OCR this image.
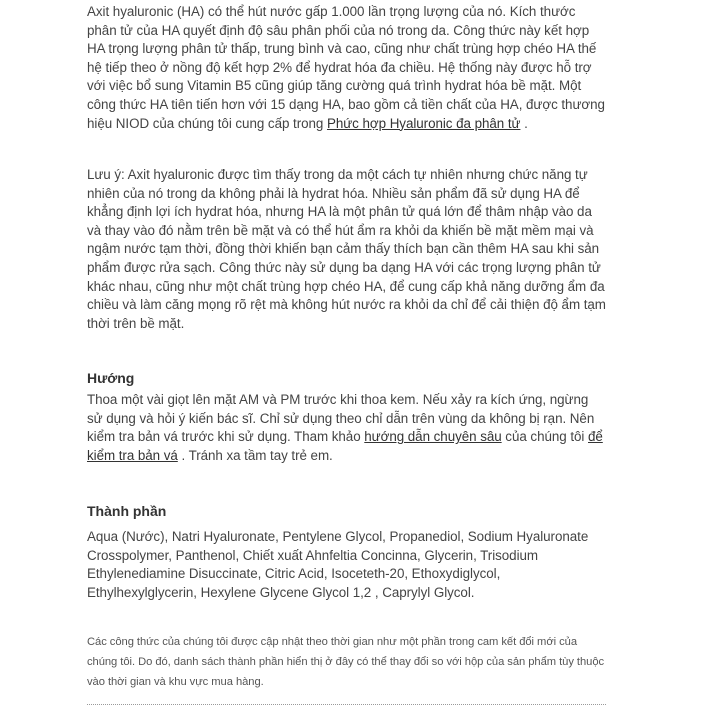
Axit hyaluronic (HA) có thể hút nước gấp 1.000 lần trọng lượng của nó. Kích thước phân tử của HA quyết định độ sâu phân phối của nó trong da. Công thức này kết hợp HA trọng lượng phân tử thấp, trung bình và cao, cũng như chất trùng hợp chéo HA thế hệ tiếp theo ở nồng độ kết hợp 2% để hydrat hóa đa chiều. Hệ thống này được hỗ trợ với việc bổ sung Vitamin B5 cũng giúp tăng cường quá trình hydrat hóa bề mặt. Một công thức HA tiên tiến hơn với 15 dạng HA, bao gồm cả tiền chất của HA, được thương hiệu NIOD của chúng tôi cung cấp trong Phức hợp Hyaluronic đa phân tử .

Lưu ý: Axit hyaluronic được tìm thấy trong da một cách tự nhiên nhưng chức năng tự nhiên của nó trong da không phải là hydrat hóa. Nhiều sản phẩm đã sử dụng HA để khẳng định lợi ích hydrat hóa, nhưng HA là một phân tử quá lớn để thâm nhập vào da và thay vào đó nằm trên bề mặt và có thể hút ẩm ra khỏi da khiến bề mặt mềm mại và ngậm nước tạm thời, đồng thời khiến bạn cảm thấy thích bạn cần thêm HA sau khi sản phẩm được rửa sạch. Công thức này sử dụng ba dạng HA với các trọng lượng phân tử khác nhau, cũng như một chất trùng hợp chéo HA, để cung cấp khả năng dưỡng ẩm đa chiều và làm căng mọng rõ rệt mà không hút nước ra khỏi da chỉ để cải thiện độ ẩm tạm thời trên bề mặt.

Hướng

Thoa một vài giọt lên mặt AM và PM trước khi thoa kem. Nếu xảy ra kích ứng, ngừng sử dụng và hỏi ý kiến bác sĩ. Chỉ sử dụng theo chỉ dẫn trên vùng da không bị rạn. Nên kiểm tra bản vá trước khi sử dụng. Tham khảo hướng dẫn chuyên sâu của chúng tôi để kiểm tra bản vá . Tránh xa tầm tay trẻ em.

Thành phần

Aqua (Nước), Natri Hyaluronate, Pentylene Glycol, Propanediol, Sodium Hyaluronate Crosspolymer, Panthenol, Chiết xuất Ahnfeltia Concinna, Glycerin, Trisodium Ethylenediamine Disuccinate, Citric Acid, Isoceteth-20, Ethoxydiglycol, Ethylhexylglycerin, Hexylene Glycene Glycol 1,2 , Caprylyl Glycol.

Các công thức của chúng tôi được cập nhật theo thời gian như một phần trong cam kết đổi mới của chúng tôi. Do đó, danh sách thành phần hiển thị ở đây có thể thay đổi so với hộp của sản phẩm tùy thuộc vào thời gian và khu vực mua hàng.
